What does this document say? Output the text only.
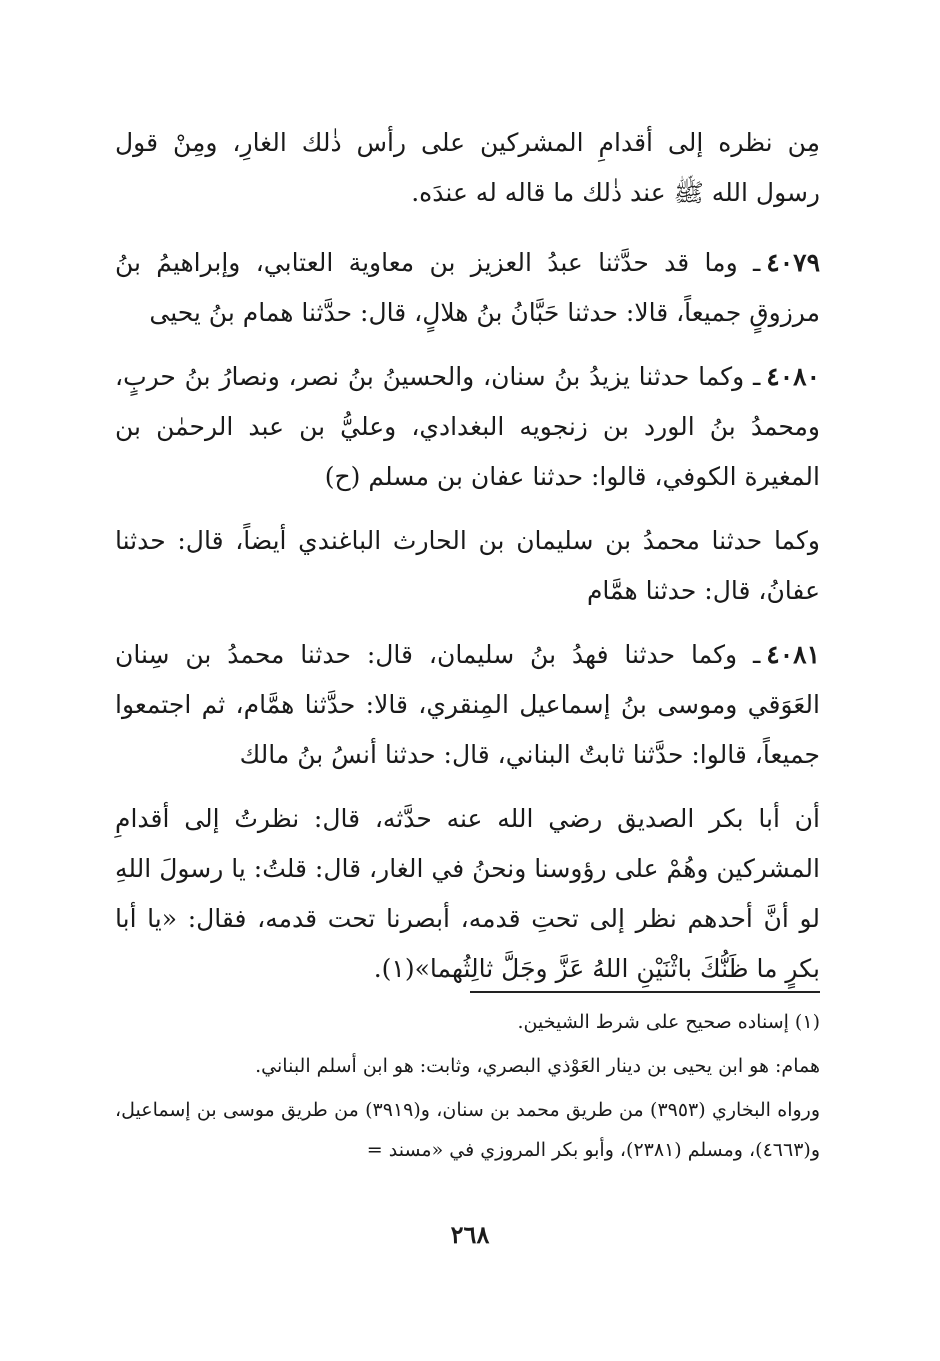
مِن نظره إلى أقدامِ المشركين على رأس ذٰلك الغارِ، ومِنْ قول رسول الله ﷺ عند ذٰلك ما قاله له عندَه.

٤٠٧٩ـ وما قد حدَّثنا عبدُ العزيز بن معاوية العتابي، وإبراهيمُ بنُ مرزوقٍ جميعاً، قالا: حدثنا حَبَّانُ بنُ هلالٍ، قال: حدَّثنا همام بنُ يحيى

٤٠٨٠ـ وكما حدثنا يزيدُ بنُ سنان، والحسينُ بنُ نصر، ونصارُ بنُ حربٍ، ومحمدُ بنُ الورد بن زنجويه البغدادي، وعليُّ بن عبد الرحمٰن بن المغيرة الكوفي، قالوا: حدثنا عفان بن مسلم (ح)

وكما حدثنا محمدُ بن سليمان بن الحارث الباغندي أيضاً، قال: حدثنا عفانُ، قال: حدثنا همَّام

٤٠٨١ـ وكما حدثنا فهدُ بنُ سليمان، قال: حدثنا محمدُ بن سِنان العَوَقي وموسى بنُ إسماعيل المِنقري، قالا: حدَّثنا همَّام، ثم اجتمعوا جميعاً، قالوا: حدَّثنا ثابتٌ البناني، قال: حدثنا أنسُ بنُ مالك

أن أبا بكر الصديق رضي الله عنه حدَّثه، قال: نظرتُ إلى أقدامِ المشركين وهُمْ على رؤوسنا ونحنُ في الغار، قال: قلتُ: يا رسولَ اللهِ لو أنَّ أحدهم نظر إلى تحتِ قدمه، أبصرنا تحت قدمه، فقال: «يا أبا بكرٍ ما ظَنُّكَ باثْنَيْنِ اللهُ عَزَّ وجَلَّ ثالِثُهما»(١).

(١) إسناده صحيح على شرط الشيخين.

همام: هو ابن يحيى بن دينار العَوْذي البصري، وثابت: هو ابن أسلم البناني.

ورواه البخاري (٣٩٥٣) من طريق محمد بن سنان، و(٣٩١٩) من طريق موسى بن إسماعيل، و(٤٦٦٣)، ومسلم (٢٣٨١)، وأبو بكر المروزي في «مسند =

٢٦٨
